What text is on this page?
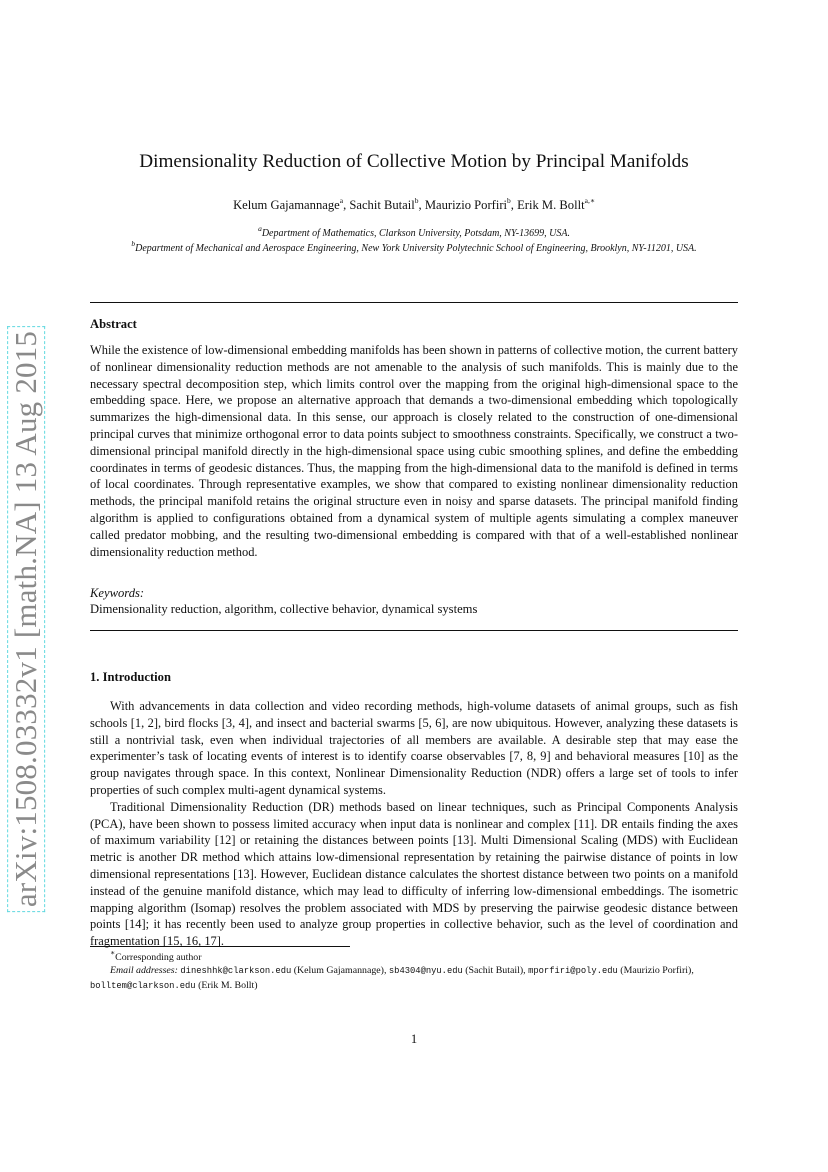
arXiv:1508.03332v1 [math.NA] 13 Aug 2015
Dimensionality Reduction of Collective Motion by Principal Manifolds
Kelum Gajamannage$^a$, Sachit Butail$^b$, Maurizio Porfiri$^b$, Erik M. Bollt$^{a,∗}$
$^a$Department of Mathematics, Clarkson University, Potsdam, NY-13699, USA.
$^b$Department of Mechanical and Aerospace Engineering, New York University Polytechnic School of Engineering, Brooklyn, NY-11201, USA.
Abstract

While the existence of low-dimensional embedding manifolds has been shown in patterns of collective motion, the current battery of nonlinear dimensionality reduction methods are not amenable to the analysis of such manifolds. This is mainly due to the necessary spectral decomposition step, which limits control over the mapping from the original high-dimensional space to the embedding space. Here, we propose an alternative approach that demands a two-dimensional embedding which topologically summarizes the high-dimensional data. In this sense, our approach is closely related to the construction of one-dimensional principal curves that minimize orthogonal error to data points subject to smoothness constraints. Specifically, we construct a two-dimensional principal manifold directly in the high-dimensional space using cubic smoothing splines, and define the embedding coordinates in terms of geodesic distances. Thus, the mapping from the high-dimensional data to the manifold is defined in terms of local coordinates. Through representative examples, we show that compared to existing nonlinear dimensionality reduction methods, the principal manifold retains the original structure even in noisy and sparse datasets. The principal manifold finding algorithm is applied to configurations obtained from a dynamical system of multiple agents simulating a complex maneuver called predator mobbing, and the resulting two-dimensional embedding is compared with that of a well-established nonlinear dimensionality reduction method.

Keywords:
Dimensionality reduction, algorithm, collective behavior, dynamical systems
1. Introduction

With advancements in data collection and video recording methods, high-volume datasets of animal groups, such as fish schools [1, 2], bird flocks [3, 4], and insect and bacterial swarms [5, 6], are now ubiquitous. However, analyzing these datasets is still a nontrivial task, even when individual trajectories of all members are available. A desirable step that may ease the experimenter’s task of locating events of interest is to identify coarse observables [7, 8, 9] and behavioral measures [10] as the group navigates through space. In this context, Nonlinear Dimensionality Reduction (NDR) offers a large set of tools to infer properties of such complex multi-agent dynamical systems.

Traditional Dimensionality Reduction (DR) methods based on linear techniques, such as Principal Components Analysis (PCA), have been shown to possess limited accuracy when input data is nonlinear and complex [11]. DR entails finding the axes of maximum variability [12] or retaining the distances between points [13]. Multi Dimensional Scaling (MDS) with Euclidean metric is another DR method which attains low-dimensional representation by retaining the pairwise distance of points in low dimensional representations [13]. However, Euclidean distance calculates the shortest distance between two points on a manifold instead of the genuine manifold distance, which may lead to difficulty of inferring low-dimensional embeddings. The isometric mapping algorithm (Isomap) resolves the problem associated with MDS by preserving the pairwise geodesic distance between points [14]; it has recently been used to analyze group properties in collective behavior, such as the level of coordination and fragmentation [15, 16, 17].

∗Corresponding author

Email addresses: dineshhk@clarkson.edu (Kelum Gajamannage), sb4304@nyu.edu (Sachit Butail), mporfiri@poly.edu (Maurizio Porfiri), bolltem@clarkson.edu (Erik M. Bollt)

1
